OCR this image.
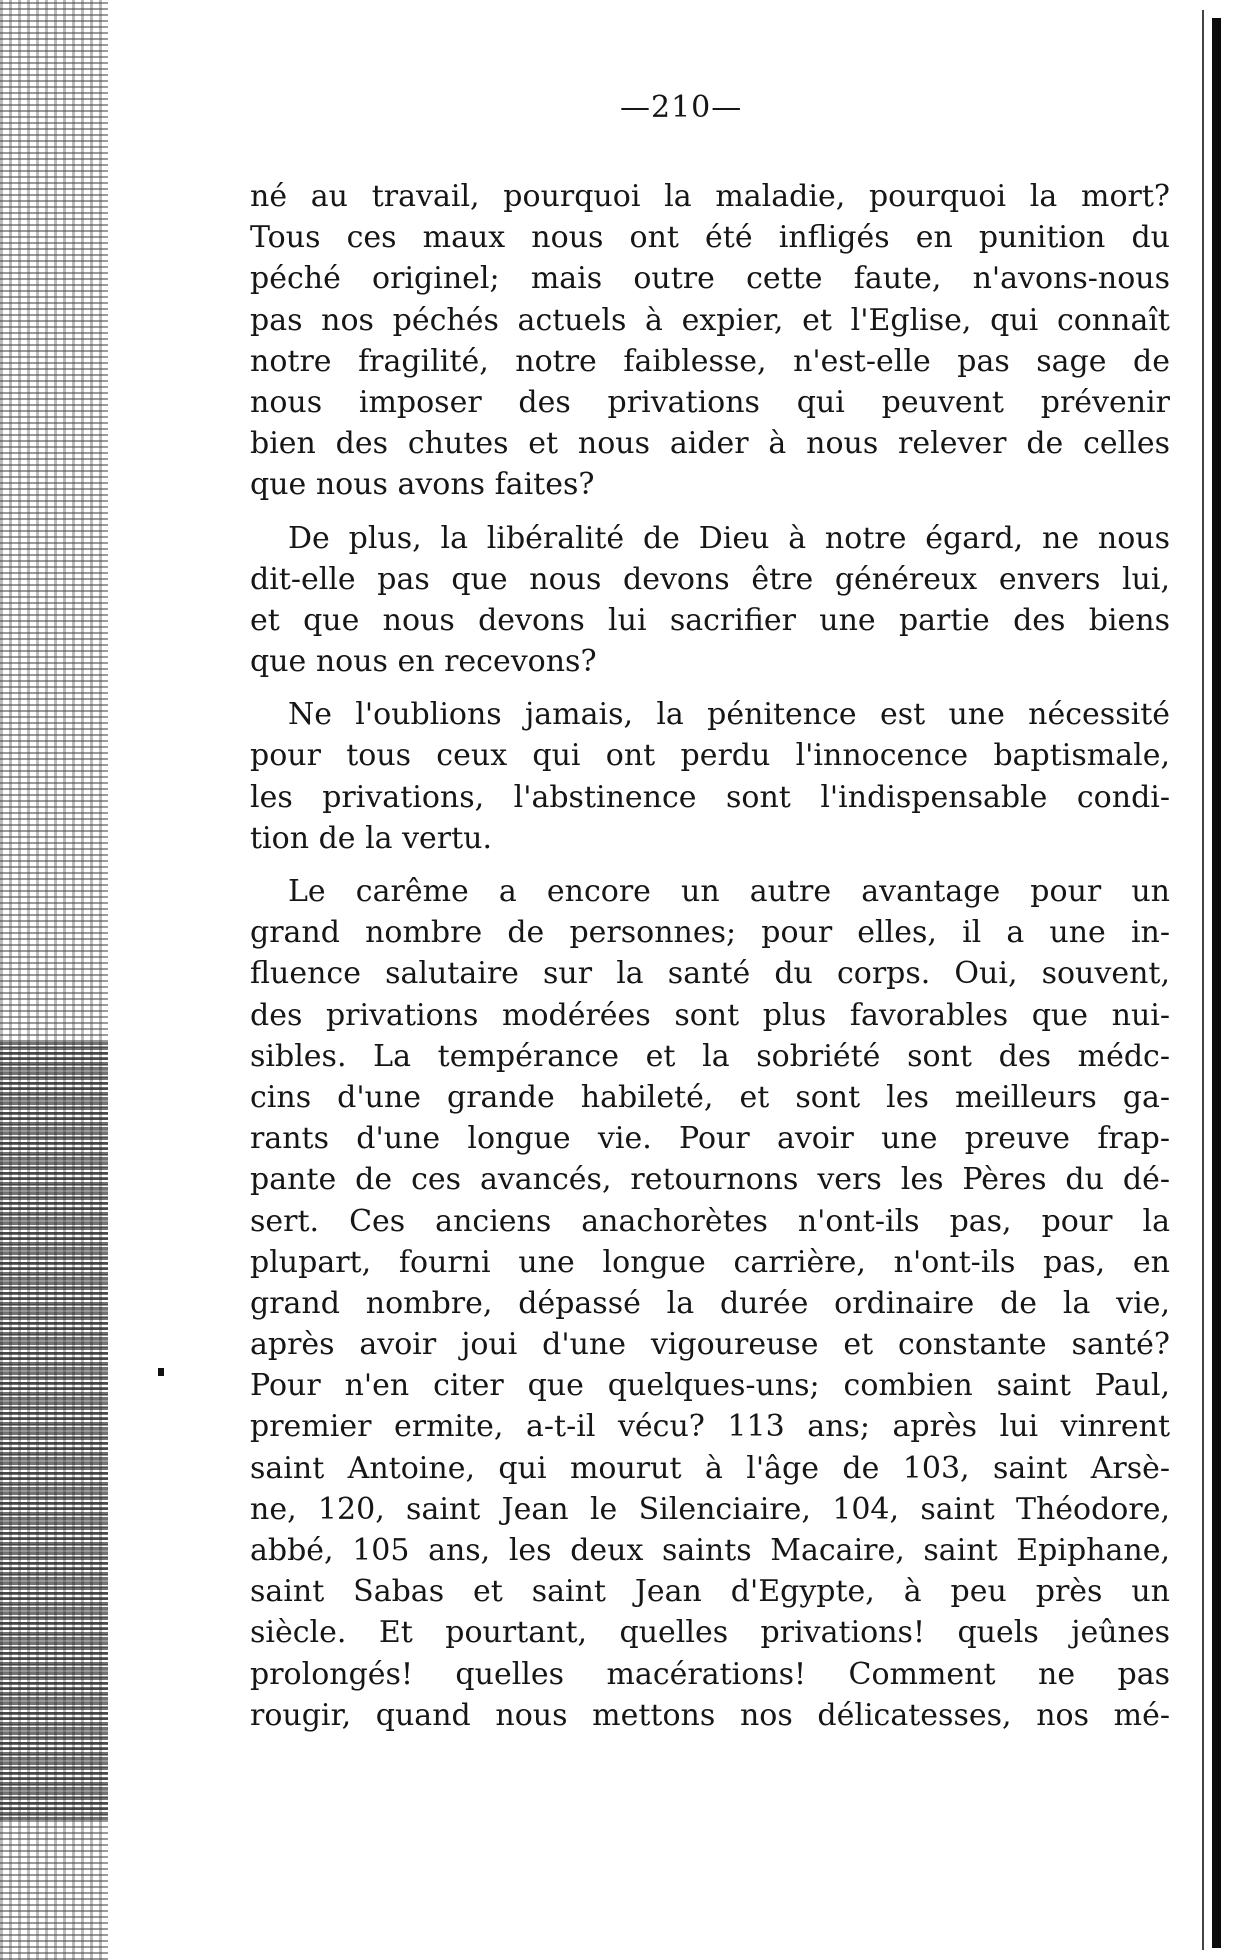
—210—
né au travail, pourquoi la maladie, pourquoi la mort?
Tous ces maux nous ont été infligés en punition du
péché originel; mais outre cette faute, n'avons-nous
pas nos péchés actuels à expier, et l'Eglise, qui connaît
notre fragilité, notre faiblesse, n'est-elle pas sage de
nous imposer des privations qui peuvent prévenir
bien des chutes et nous aider à nous relever de celles
que nous avons faites?
De plus, la libéralité de Dieu à notre égard, ne nous
dit-elle pas que nous devons être généreux envers lui,
et que nous devons lui sacrifier une partie des biens
que nous en recevons?
Ne l'oublions jamais, la pénitence est une nécessité
pour tous ceux qui ont perdu l'innocence baptismale,
les privations, l'abstinence sont l'indispensable condi-
tion de la vertu.
Le carême a encore un autre avantage pour un
grand nombre de personnes; pour elles, il a une in-
fluence salutaire sur la santé du corps. Oui, souvent,
des privations modérées sont plus favorables que nui-
sibles. La tempérance et la sobriété sont des médc-
cins d'une grande habileté, et sont les meilleurs ga-
rants d'une longue vie. Pour avoir une preuve frap-
pante de ces avancés, retournons vers les Pères du dé-
sert. Ces anciens anachorètes n'ont-ils pas, pour la
plupart, fourni une longue carrière, n'ont-ils pas, en
grand nombre, dépassé la durée ordinaire de la vie,
après avoir joui d'une vigoureuse et constante santé?
Pour n'en citer que quelques-uns; combien saint Paul,
premier ermite, a-t-il vécu? 113 ans; après lui vinrent
saint Antoine, qui mourut à l'âge de 103, saint Arsè-
ne, 120, saint Jean le Silenciaire, 104, saint Théodore,
abbé, 105 ans, les deux saints Macaire, saint Epiphane,
saint Sabas et saint Jean d'Egypte, à peu près un
siècle. Et pourtant, quelles privations! quels jeûnes
prolongés! quelles macérations! Comment ne pas
rougir, quand nous mettons nos délicatesses, nos mé-
